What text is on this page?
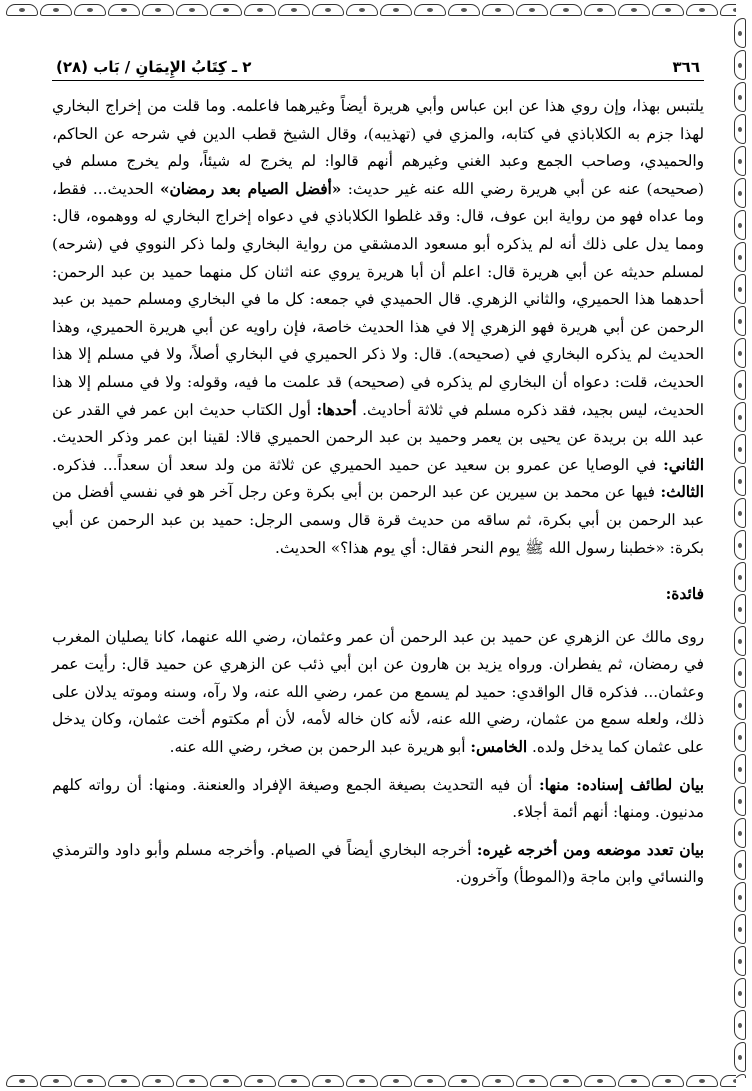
٣٦٦
٢ ـ كِتَابُ الإِيمَانِ / بَاب (٢٨)

يلتبس بهذا، وإن روي هذا عن ابن عباس وأبي هريرة أيضاً وغيرهما فاعلمه. وما قلت من إخراج البخاري لهذا جزم به الكلاباذي في كتابه، والمزي في (تهذيبه)، وقال الشيخ قطب الدين في شرحه عن الحاكم، والحميدي، وصاحب الجمع وعبد الغني وغيرهم أنهم قالوا: لم يخرج له شيئاً، ولم يخرج مسلم في (صحيحه) عنه عن أبي هريرة رضي الله عنه غير حديث: «أفضل الصيام بعد رمضان» الحديث... فقط، وما عداه فهو من رواية ابن عوف، قال: وقد غلطوا الكلاباذي في دعواه إخراج البخاري له ووهموه، قال: ومما يدل على ذلك أنه لم يذكره أبو مسعود الدمشقي من رواية البخاري ولما ذكر النووي في (شرحه) لمسلم حديثه عن أبي هريرة قال: اعلم أن أبا هريرة يروي عنه اثنان كل منهما حميد بن عبد الرحمن: أحدهما هذا الحميري، والثاني الزهري. قال الحميدي في جمعه: كل ما في البخاري ومسلم حميد بن عبد الرحمن عن أبي هريرة فهو الزهري إلا في هذا الحديث خاصة، فإن راويه عن أبي هريرة الحميري، وهذا الحديث لم يذكره البخاري في (صحيحه). قال: ولا ذكر الحميري في البخاري أصلاً، ولا في مسلم إلا هذا الحديث، قلت: دعواه أن البخاري لم يذكره في (صحيحه) قد علمت ما فيه، وقوله: ولا في مسلم إلا هذا الحديث، ليس بجيد، فقد ذكره مسلم في ثلاثة أحاديث. أحدها: أول الكتاب حديث ابن عمر في القدر عن عبد الله بن بريدة عن يحيى بن يعمر وحميد بن عبد الرحمن الحميري قالا: لقينا ابن عمر وذكر الحديث. الثاني: في الوصايا عن عمرو بن سعيد عن حميد الحميري عن ثلاثة من ولد سعد أن سعداً... فذكره. الثالث: فيها عن محمد بن سيرين عن عبد الرحمن بن أبي بكرة وعن رجل آخر هو في نفسي أفضل من عبد الرحمن بن أبي بكرة، ثم ساقه من حديث قرة قال وسمى الرجل: حميد بن عبد الرحمن عن أبي بكرة: «خطبنا رسول الله ﷺ يوم النحر فقال: أي يوم هذا؟» الحديث.

فائدة:

روى مالك عن الزهري عن حميد بن عبد الرحمن أن عمر وعثمان، رضي الله عنهما، كانا يصليان المغرب في رمضان، ثم يفطران. ورواه يزيد بن هارون عن ابن أبي ذئب عن الزهري عن حميد قال: رأيت عمر وعثمان... فذكره قال الواقدي: حميد لم يسمع من عمر، رضي الله عنه، ولا رآه، وسنه وموته يدلان على ذلك، ولعله سمع من عثمان، رضي الله عنه، لأنه كان خاله لأمه، لأن أم مكتوم أخت عثمان، وكان يدخل على عثمان كما يدخل ولده. الخامس: أبو هريرة عبد الرحمن بن صخر، رضي الله عنه.

بيان لطائف إسناده: منها: أن فيه التحديث بصيغة الجمع وصيغة الإفراد والعنعنة. ومنها: أن رواته كلهم مدنيون. ومنها: أنهم أئمة أجلاء.

بيان تعدد موضعه ومن أخرجه غيره: أخرجه البخاري أيضاً في الصيام. وأخرجه مسلم وأبو داود والترمذي والنسائي وابن ماجة و(الموطأ) وآخرون.
